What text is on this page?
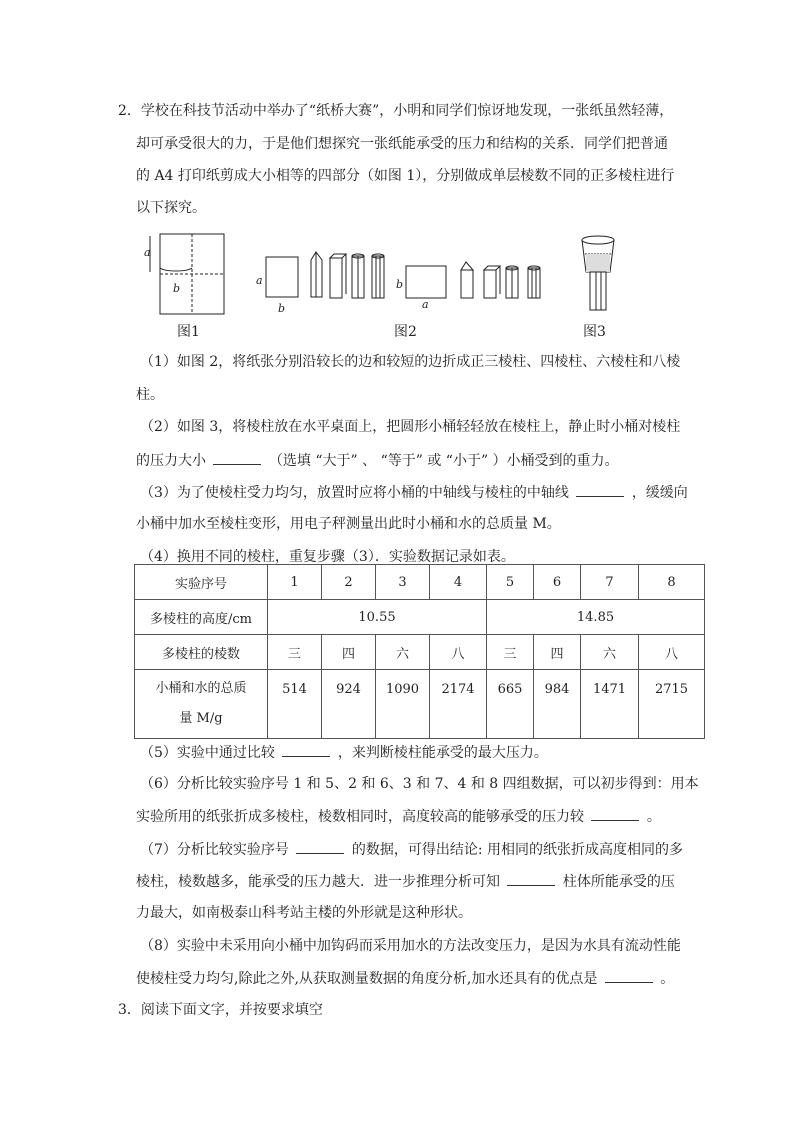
2．学校在科技节活动中举办了“纸桥大赛”，小明和同学们惊讶地发现，一张纸虽然轻薄，
却可承受很大的力，于是他们想探究一张纸能承受的压力和结构的关系．同学们把普通
的 A4 打印纸剪成大小相等的四部分（如图 1），分别做成单层棱数不同的正多棱柱进行
以下探究。
a
b
a
b
b
a
图1	图2	图3
（1）如图 2，将纸张分别沿较长的边和较短的边折成正三棱柱、四棱柱、六棱柱和八棱
柱。
（2）如图 3，将棱柱放在水平桌面上，把圆形小桶轻轻放在棱柱上，静止时小桶对棱柱
的压力大小	（选填 “大于” 、 “等于” 或 “小于” ）小桶受到的重力。
（3）为了使棱柱受力均匀，放置时应将小桶的中轴线与棱柱的中轴线	，缓缓向
小桶中加水至棱柱变形，用电子秤测量出此时小桶和水的总质量 M。
（4）换用不同的棱柱，重复步骤（3）．实验数据记录如表。
实验序号	1	2	3	4	5	6	7	8
多棱柱的高度/cm	10.55				14.85			
多棱柱的棱数	三	四	六	八	三	四	六	八
小桶和水的总质
量 M/g	514	924	1090	2174	665	984	1471	2715
（5）实验中通过比较	，来判断棱柱能承受的最大压力。
（6）分析比较实验序号 1 和 5、2 和 6、3 和 7、4 和 8 四组数据，可以初步得到：用本
实验所用的纸张折成多棱柱，棱数相同时，高度较高的能够承受的压力较	。
（7）分析比较实验序号	的数据，可得出结论: 用相同的纸张折成高度相同的多
棱柱，棱数越多，能承受的压力越大．进一步推理分析可知	柱体所能承受的压
力最大，如南极泰山科考站主楼的外形就是这种形状。
（8）实验中未采用向小桶中加钩码而采用加水的方法改变压力，是因为水具有流动性能
使棱柱受力均匀,除此之外,从获取测量数据的角度分析,加水还具有的优点是	。
3．阅读下面文字，并按要求填空
